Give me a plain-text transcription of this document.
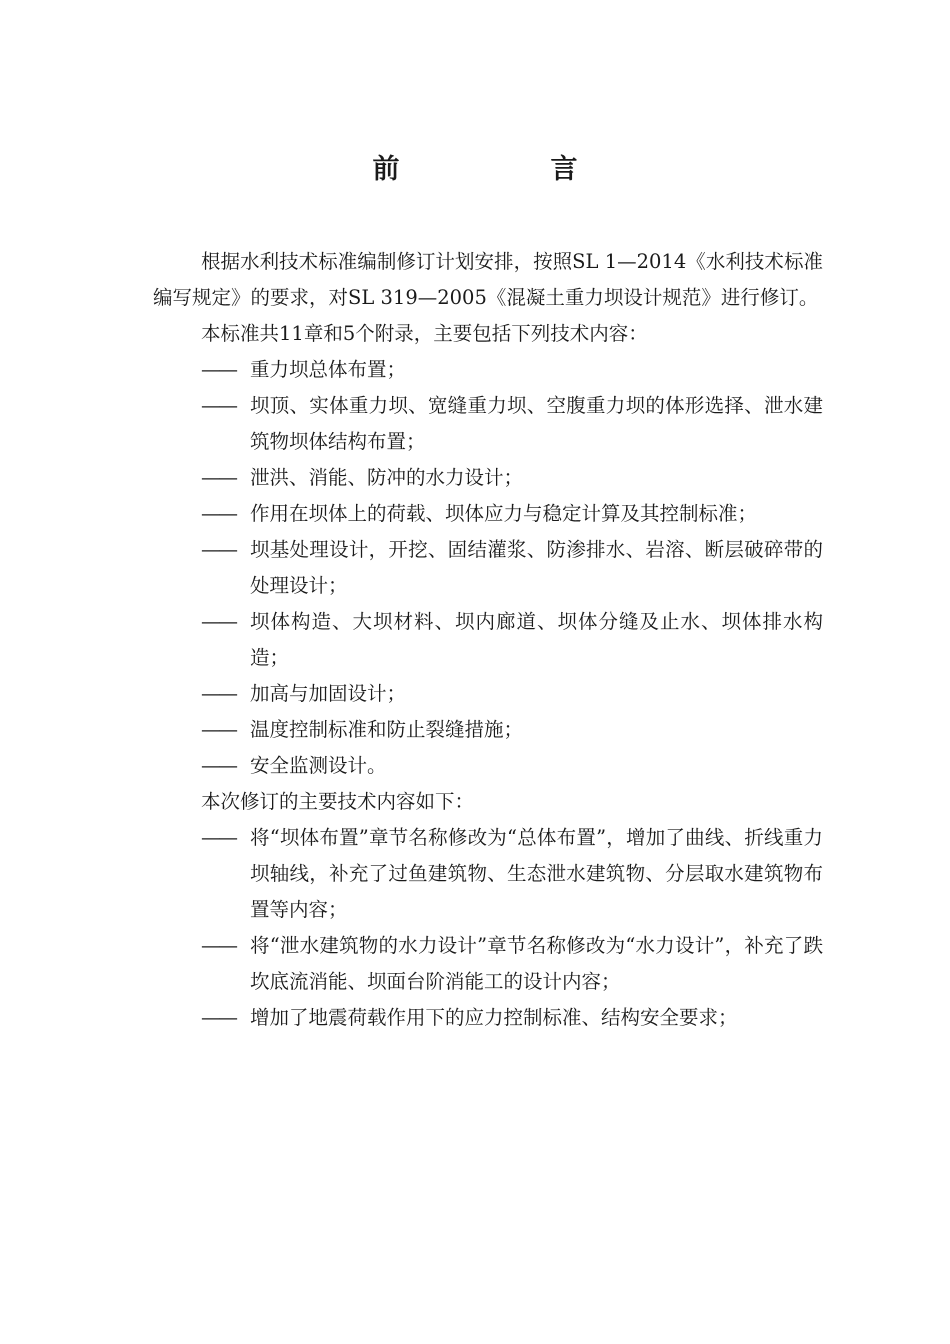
前　言

根据水利技术标准编制修订计划安排，按照SL 1—2014《水利技术标准编写规定》的要求，对SL 319—2005《混凝土重力坝设计规范》进行修订。

本标准共11章和5个附录，主要包括下列技术内容：

—— 重力坝总体布置；

—— 坝顶、实体重力坝、宽缝重力坝、空腹重力坝的体形选择、泄水建筑物坝体结构布置；

—— 泄洪、消能、防冲的水力设计；

—— 作用在坝体上的荷载、坝体应力与稳定计算及其控制标准；

—— 坝基处理设计，开挖、固结灌浆、防渗排水、岩溶、断层破碎带的处理设计；

—— 坝体构造、大坝材料、坝内廊道、坝体分缝及止水、坝体排水构造；

—— 加高与加固设计；

—— 温度控制标准和防止裂缝措施；

—— 安全监测设计。

本次修订的主要技术内容如下：

—— 将“坝体布置”章节名称修改为“总体布置”，增加了曲线、折线重力坝轴线，补充了过鱼建筑物、生态泄水建筑物、分层取水建筑物布置等内容；

—— 将“泄水建筑物的水力设计”章节名称修改为“水力设计”，补充了跌坎底流消能、坝面台阶消能工的设计内容；

—— 增加了地震荷载作用下的应力控制标准、结构安全要求；
